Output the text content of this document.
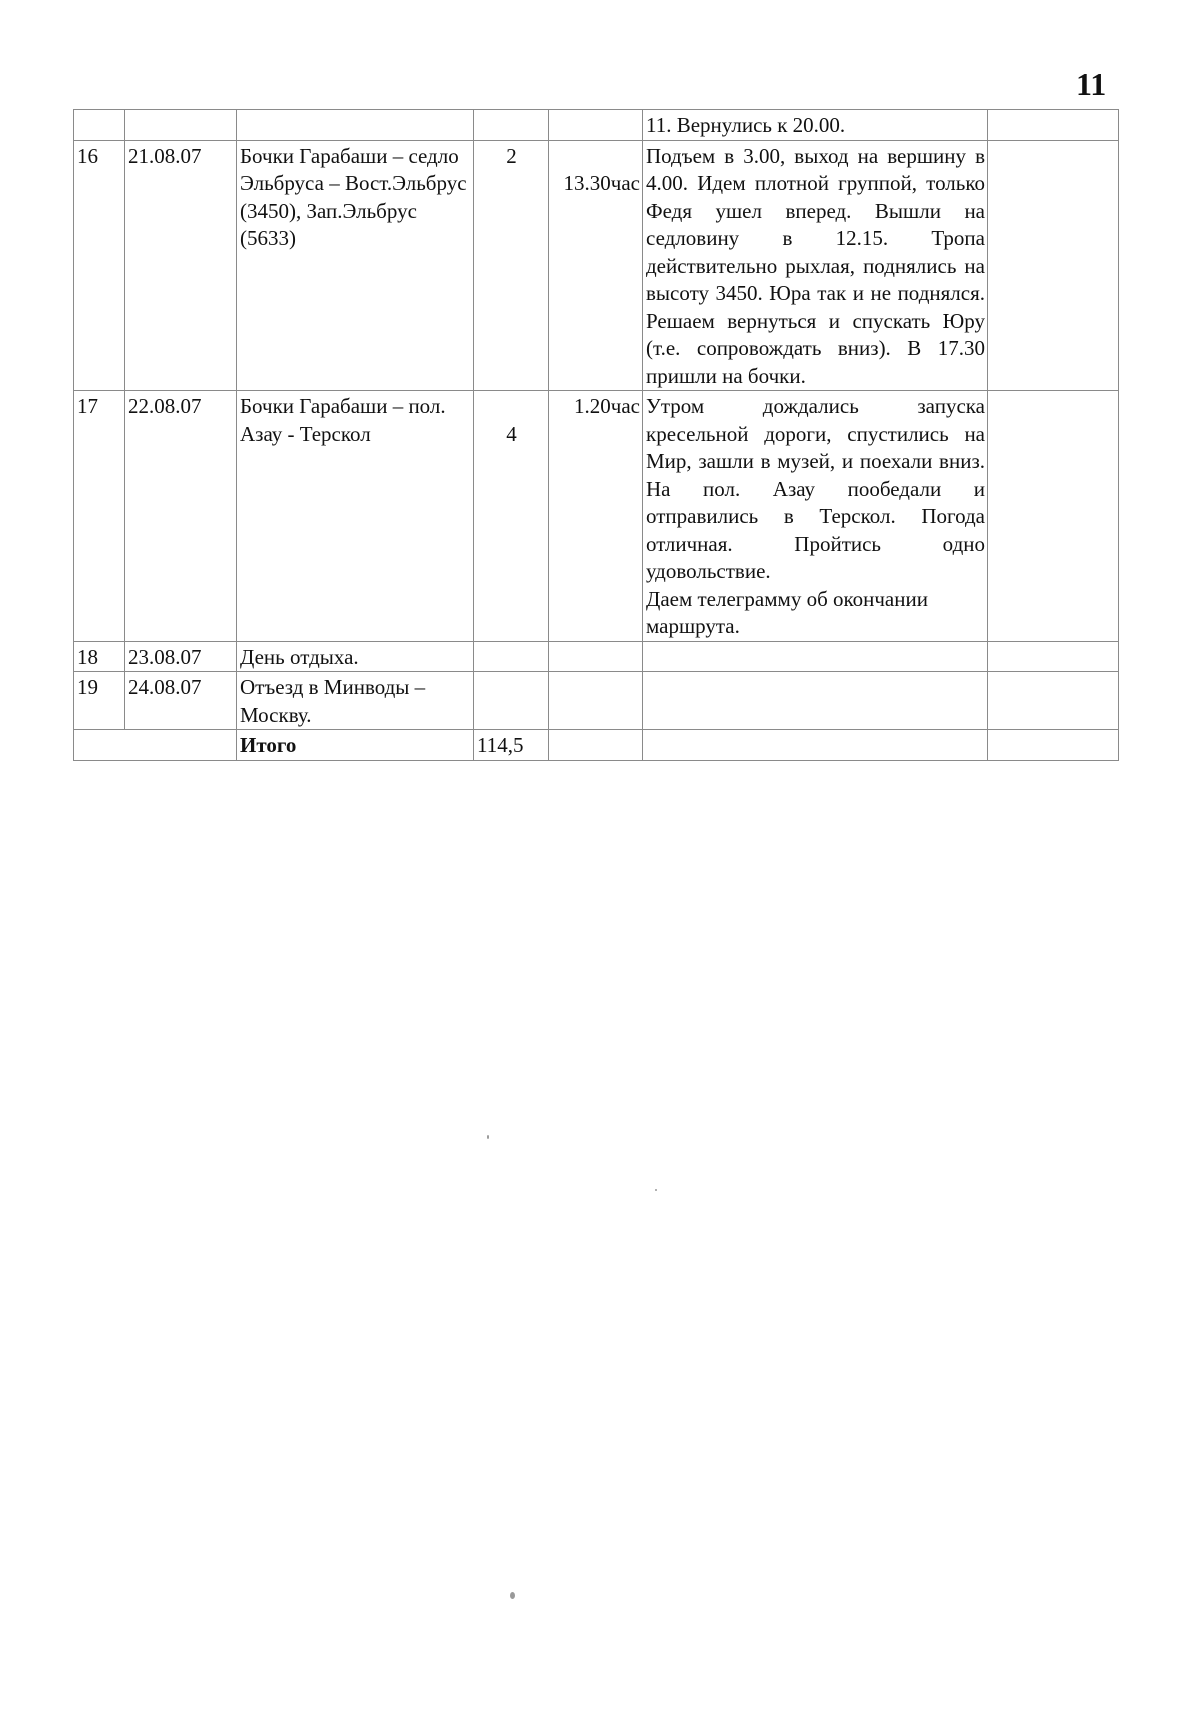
11
					11. Вернулись к 20.00.	
16	21.08.07	Бочки Гарабаши – седло Эльбруса – Вост.Эльбрус (3450), Зап.Эльбрус (5633)	2	13.30час	Подъем в 3.00, выход на вершину в 4.00. Идем плотной группой, только Федя ушел вперед. Вышли на седловину в 12.15. Тропа действительно рыхлая, поднялись на высоту 3450. Юра так и не поднялся. Решаем вернуться и спускать Юру (т.е. сопровождать вниз). В 17.30 пришли на бочки.	
17	22.08.07	Бочки Гарабаши – пол. Азау - Терскол	4	1.20час	Утром дождались запуска кресельной дороги, спустились на Мир, зашли в музей, и поехали вниз. На пол. Азау пообедали и отправились в Терскол. Погода отличная. Пройтись одно удовольствие.
Даем телеграмму об окончании маршрута.	

18	23.08.07	День отдыха.				
19	24.08.07	Отъезд в Минводы – Москву.				
		Итого	114,5			
